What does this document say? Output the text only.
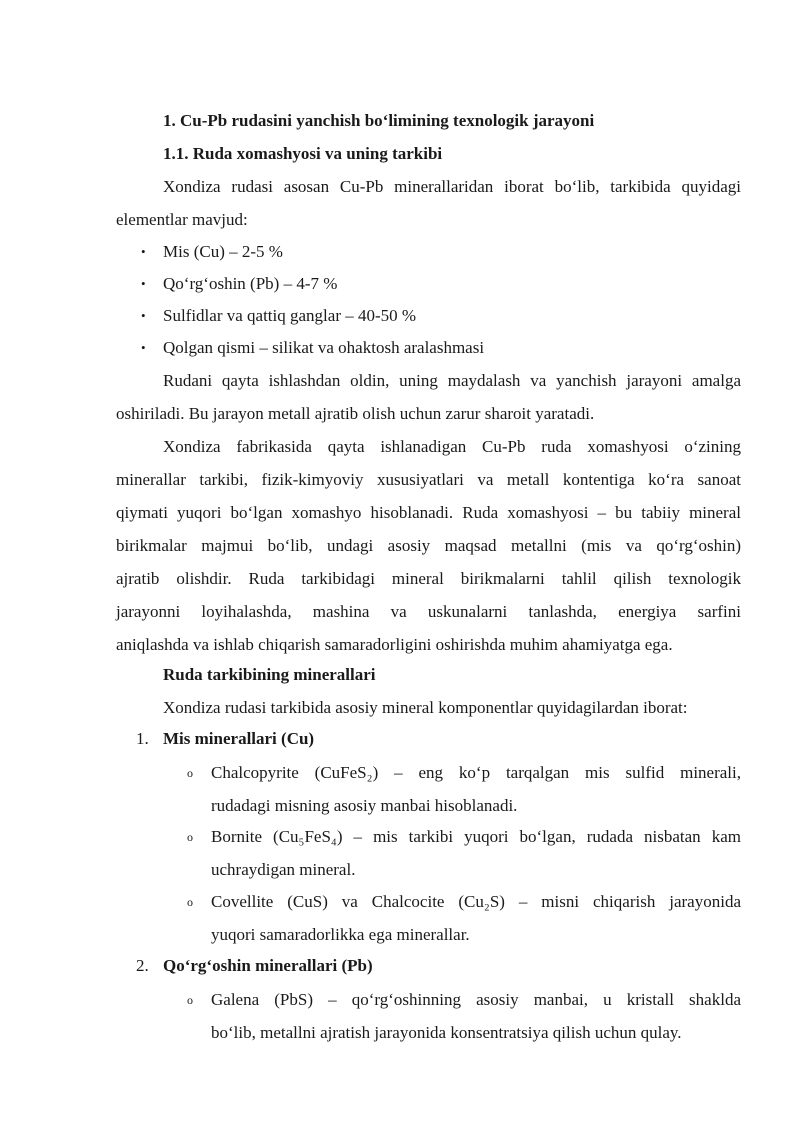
1. Cu-Pb rudasini yanchish bo‘limining texnologik jarayoni
1.1. Ruda xomashyosi va uning tarkibi
Xondiza rudasi asosan Cu-Pb minerallaridan iborat bo‘lib, tarkibida quyidagi
elementlar mavjud:
• Mis (Cu) – 2-5 %
• Qo‘rg‘oshin (Pb) – 4-7 %
• Sulfidlar va qattiq ganglar – 40-50 %
• Qolgan qismi – silikat va ohaktosh aralashmasi
Rudani qayta ishlashdan oldin, uning maydalash va yanchish jarayoni amalga
oshiriladi. Bu jarayon metall ajratib olish uchun zarur sharoit yaratadi.
Xondiza fabrikasida qayta ishlanadigan Cu-Pb ruda xomashyosi o‘zining
minerallar tarkibi, fizik-kimyoviy xususiyatlari va metall kontentiga ko‘ra sanoat
qiymati yuqori bo‘lgan xomashyo hisoblanadi. Ruda xomashyosi – bu tabiiy mineral
birikmalar majmui bo‘lib, undagi asosiy maqsad metallni (mis va qo‘rg‘oshin)
ajratib olishdir. Ruda tarkibidagi mineral birikmalarni tahlil qilish texnologik
jarayonni loyihalashda, mashina va uskunalarni tanlashda, energiya sarfini
aniqlashda va ishlab chiqarish samaradorligini oshirishda muhim ahamiyatga ega.
Ruda tarkibining minerallari
Xondiza rudasi tarkibida asosiy mineral komponentlar quyidagilardan iborat:
1. Mis minerallari (Cu)
o Chalcopyrite (CuFeS₂) – eng ko‘p tarqalgan mis sulfid minerali,
rudadagi misning asosiy manbai hisoblanadi.
o Bornite (Cu₅FeS₄) – mis tarkibi yuqori bo‘lgan, rudada nisbatan kam
uchraydigan mineral.
o Covellite (CuS) va Chalcocite (Cu₂S) – misni chiqarish jarayonida
yuqori samaradorlikka ega minerallar.
2. Qo‘rg‘oshin minerallari (Pb)
o Galena (PbS) – qo‘rg‘oshinning asosiy manbai, u kristall shaklda
bo‘lib, metallni ajratish jarayonida konsentratsiya qilish uchun qulay.
